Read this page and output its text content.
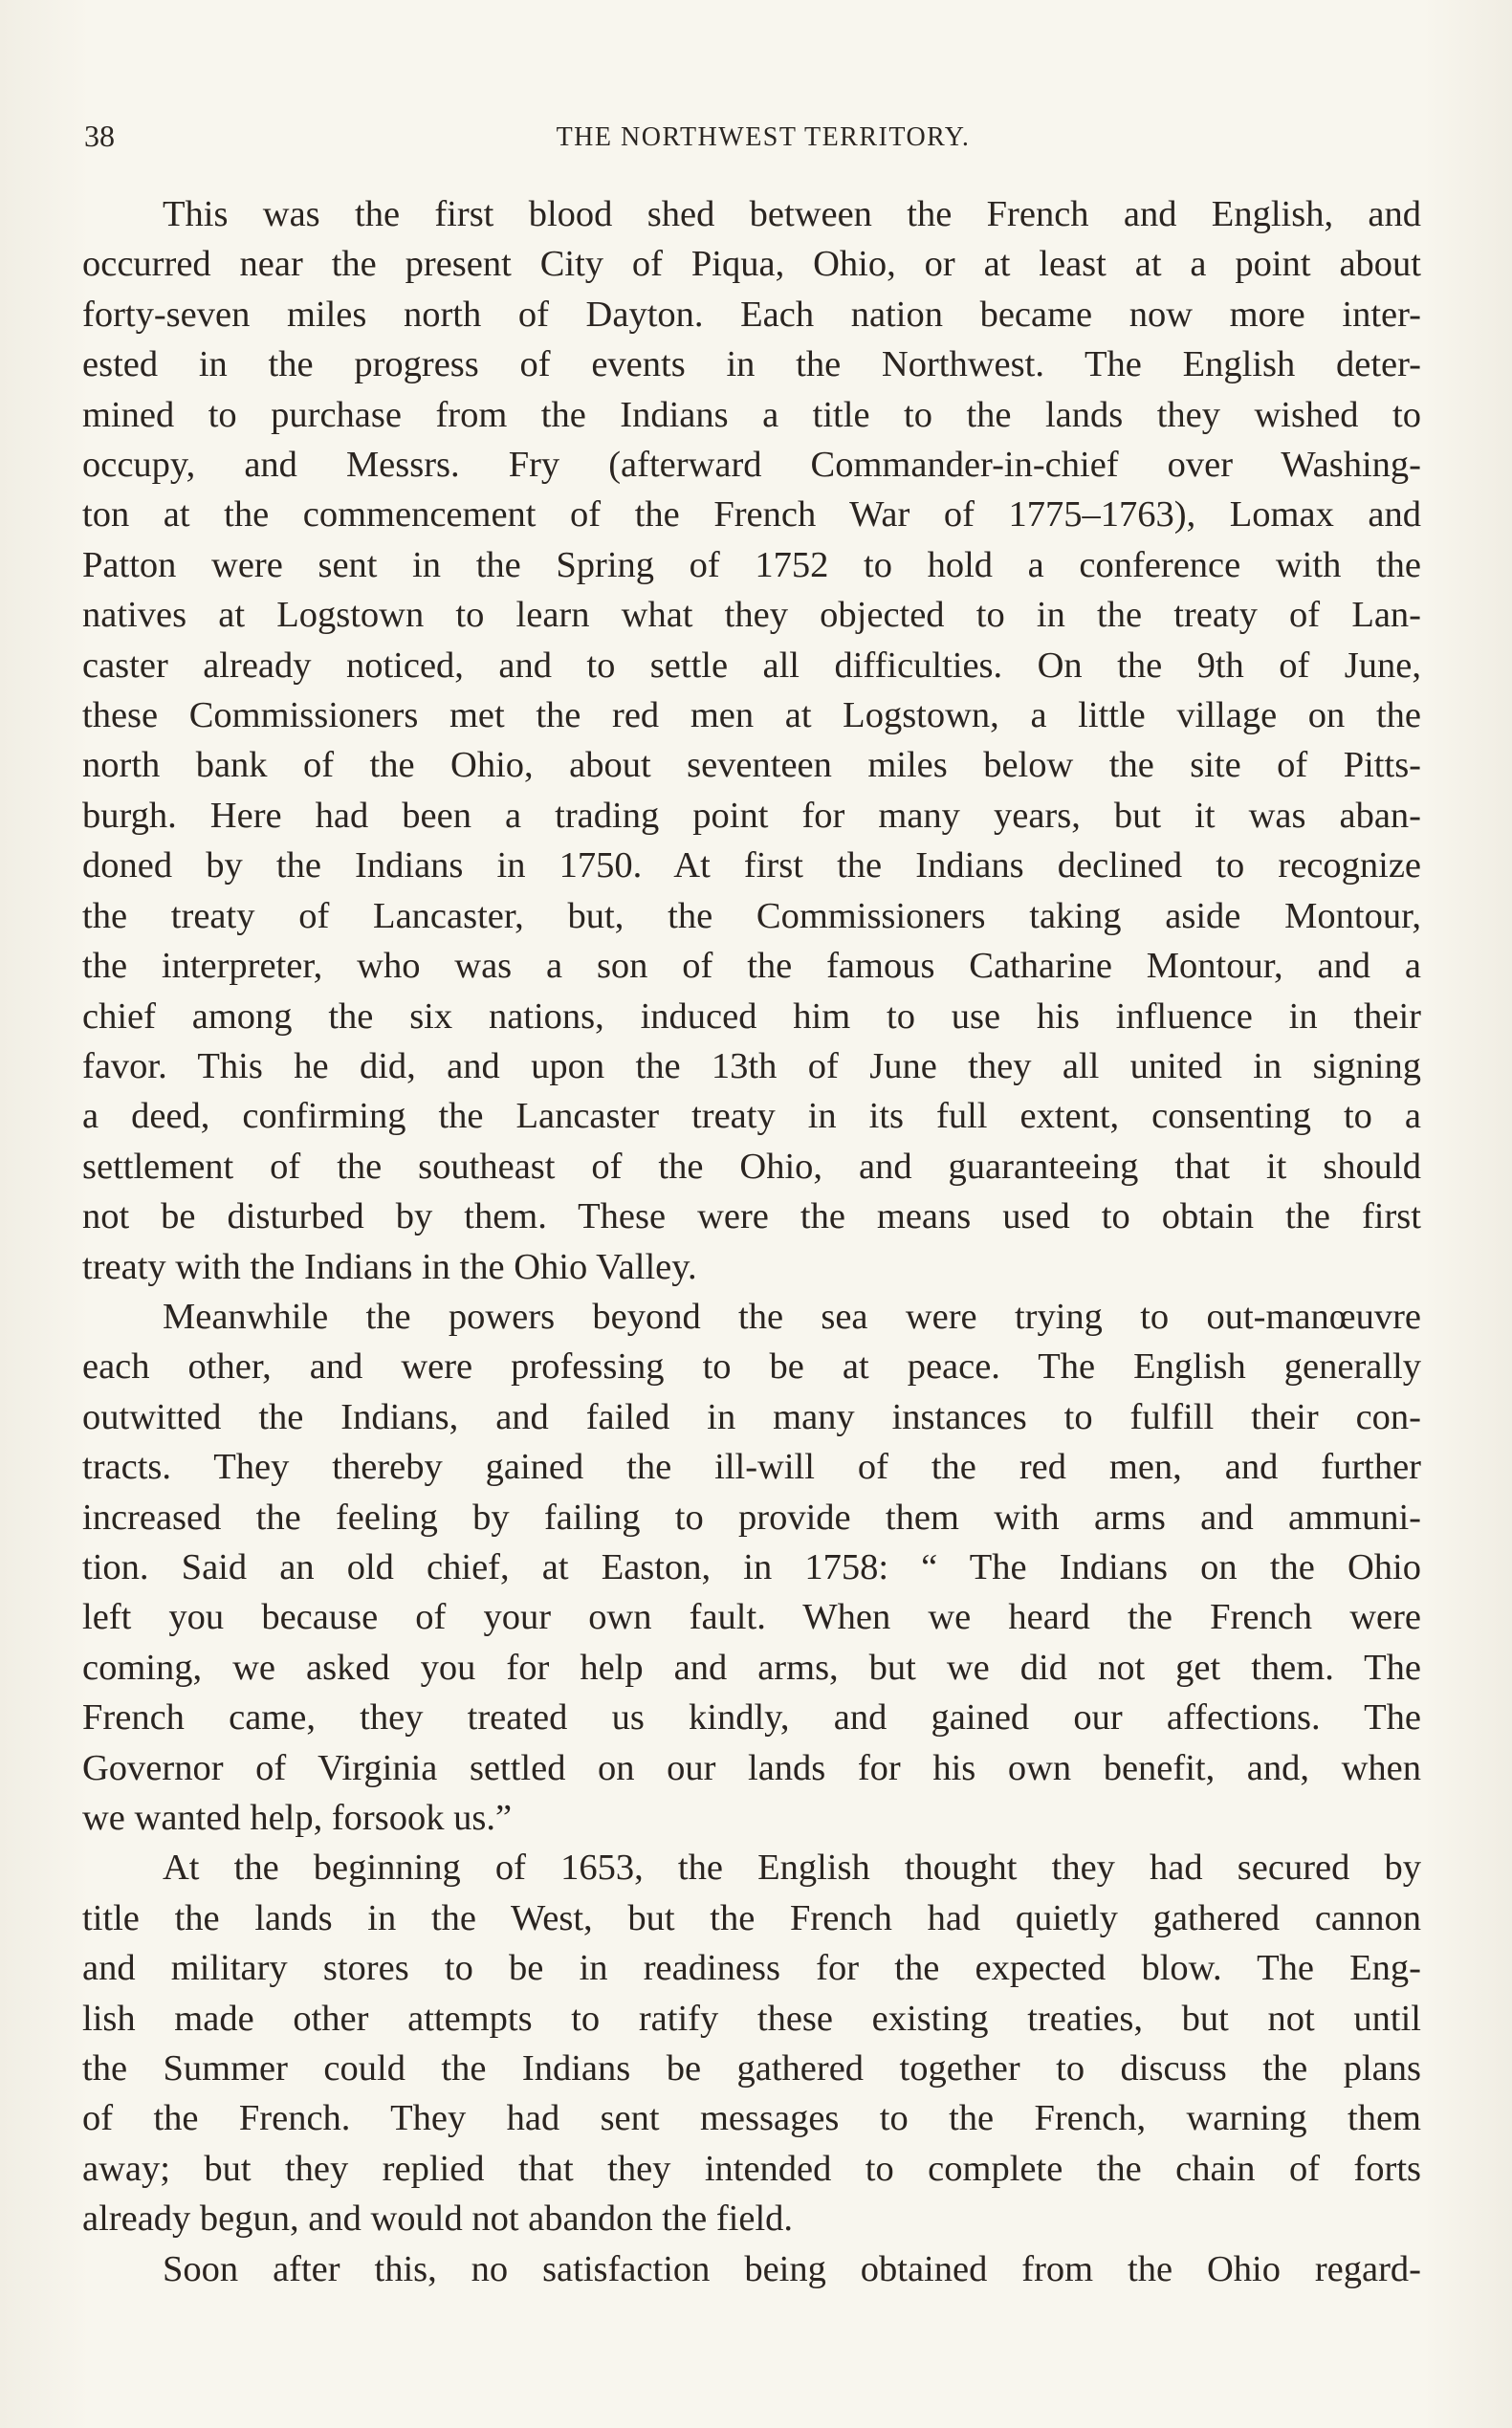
38	THE NORTHWEST TERRITORY.
This was the first blood shed between the French and English, and
occurred near the present City of Piqua, Ohio, or at least at a point about
forty-seven miles north of Dayton. Each nation became now more inter-
ested in the progress of events in the Northwest. The English deter-
mined to purchase from the Indians a title to the lands they wished to
occupy, and Messrs. Fry (afterward Commander-in-chief over Washing-
ton at the commencement of the French War of 1775–1763), Lomax and
Patton were sent in the Spring of 1752 to hold a conference with the
natives at Logstown to learn what they objected to in the treaty of Lan-
caster already noticed, and to settle all difficulties. On the 9th of June,
these Commissioners met the red men at Logstown, a little village on the
north bank of the Ohio, about seventeen miles below the site of Pitts-
burgh. Here had been a trading point for many years, but it was aban-
doned by the Indians in 1750. At first the Indians declined to recognize
the treaty of Lancaster, but, the Commissioners taking aside Montour,
the interpreter, who was a son of the famous Catharine Montour, and a
chief among the six nations, induced him to use his influence in their
favor. This he did, and upon the 13th of June they all united in signing
a deed, confirming the Lancaster treaty in its full extent, consenting to a
settlement of the southeast of the Ohio, and guaranteeing that it should
not be disturbed by them. These were the means used to obtain the first
treaty with the Indians in the Ohio Valley.
Meanwhile the powers beyond the sea were trying to out-manœuvre
each other, and were professing to be at peace. The English generally
outwitted the Indians, and failed in many instances to fulfill their con-
tracts. They thereby gained the ill-will of the red men, and further
increased the feeling by failing to provide them with arms and ammuni-
tion. Said an old chief, at Easton, in 1758: “ The Indians on the Ohio
left you because of your own fault. When we heard the French were
coming, we asked you for help and arms, but we did not get them. The
French came, they treated us kindly, and gained our affections. The
Governor of Virginia settled on our lands for his own benefit, and, when
we wanted help, forsook us.”
At the beginning of 1653, the English thought they had secured by
title the lands in the West, but the French had quietly gathered cannon
and military stores to be in readiness for the expected blow. The Eng-
lish made other attempts to ratify these existing treaties, but not until
the Summer could the Indians be gathered together to discuss the plans
of the French. They had sent messages to the French, warning them
away; but they replied that they intended to complete the chain of forts
already begun, and would not abandon the field.
Soon after this, no satisfaction being obtained from the Ohio regard-
